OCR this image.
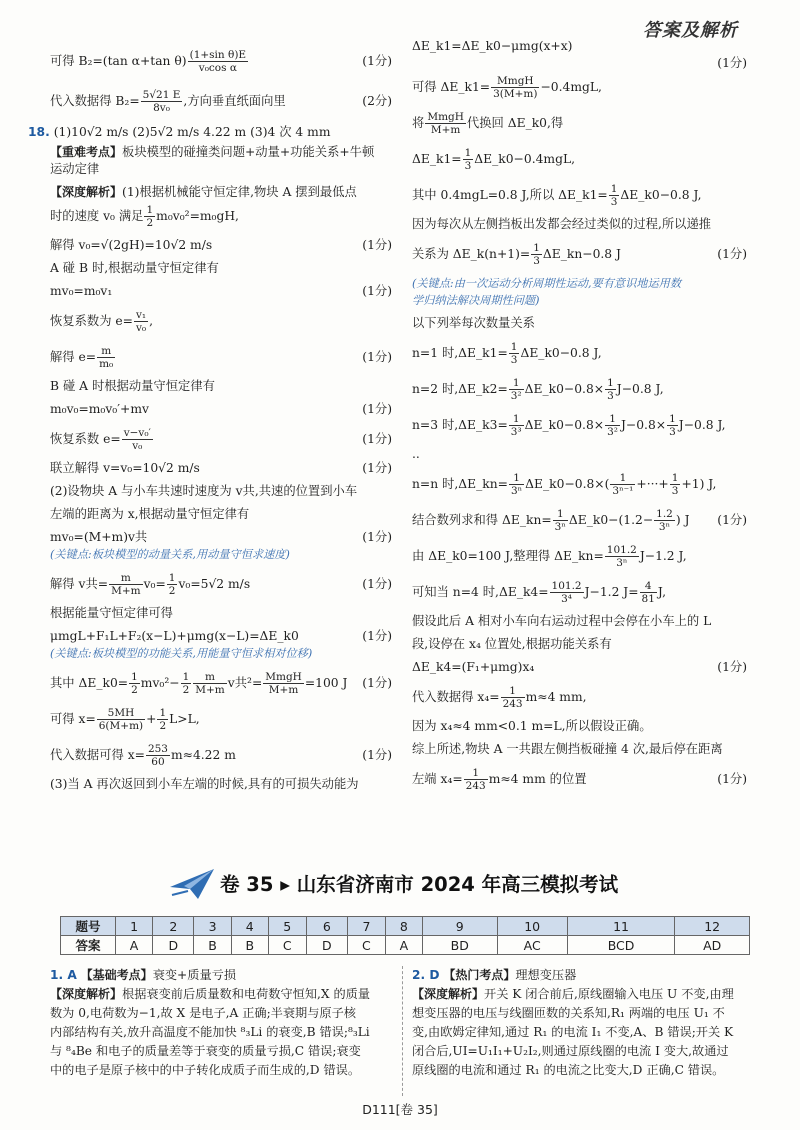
答案及解析
可得 B₂=(tan α+tan $\theta) \frac{\text{(1+sin θ)E}}{\text{v₀cos α}}$	(1分)
代入数据得 $B_2= \frac{5√21 E}{\text{8v₀}}$ ,方向垂直纸面向里	(2分)
18. (1)10√2 m/s (2)5√2 m/s 4.22 m (3)4 次 4 mm
【重难考点】板块模型的碰撞类问题+动量+功能关系+牛顿
运动定律
【深度解析】(1)根据机械能守恒定律,物块 A 摆到最低点
时的速度 v₀ 满足 $\frac{1}{2} m_0v_0^2=m_0gH$,
解得 v₀=√(2gH)=10√2 m/s	(1分)
A 碰 B 时,根据动量守恒定律有
mv₀=m₀v₁	(1分)
恢复系数为 $e= \frac{\text{v₁}}{\text{v₀}}$ ,
解得 $e= \frac{m}{\text{m₀}}$	(1分)
B 碰 A 时根据动量守恒定律有
m₀v₀=m₀v₀′+mv	(1分)
恢复系数 $e= \frac{\text{v−v₀′}}{\text{v₀}}$	(1分)
联立解得 v=v₀=10√2 m/s	(1分)
(2)设物块 A 与小车共速时速度为 v共,共速的位置到小车
左端的距离为 x,根据动量守恒定律有
mv₀=(M+m)v共	(1分)
(关键点:板块模型的动量关系,用动量守恒求速度)
解得 v共= $\frac{m}{M+m} v_0= \frac{1}{2} v_0=5√2$ m/s	(1分)
根据能量守恒定律可得
μmgL+F₁L+F₂(x−L)+μmg(x−L)=ΔE_k0	(1分)
(关键点:板块模型的功能关系,用能量守恒求相对位移)
其中 ΔE_k0= $\frac{1}{2} mv_0^2- \frac{1}{2} \frac{m}{M+m}$ v共$^2= \frac{\text{MmgH}}{M+m} =100$ J (1分)
可得 $x= \frac{5MH}{6(M+m)} + \frac{1}{2} L>L$,
代入数据可得 $x= \frac{253}{60} m\approx 4.22$ m	(1分)
(3)当 A 再次返回到小车左端的时候,具有的可损失动能为
ΔE_k1=ΔE_k0−μmg(x+x)
(1分)
可得 ΔE_k1= $\frac{\text{MmgH}}{3(M+m)} -0.4mgL$,
将 $\frac{\text{MmgH}}{M+m}$ 代换回 ΔE_k0,得
ΔE_k1= $\frac{1}{3}$ ΔE_k0−0.4mgL,
其中 0.4mgL=0.8 J,所以 ΔE_k1= $\frac{1}{3}$ ΔE_k0−0.8 J,
因为每次从左侧挡板出发都会经过类似的过程,所以递推
关系为 ΔE_k(n+1)= $\frac{1}{3}$ ΔE_kn−0.8 J	(1分)
(关键点:由一次运动分析周期性运动,要有意识地运用数
学归纳法解决周期性问题)
以下列举每次数量关系
n=1 时,ΔE_k1= $\frac{1}{3}$ ΔE_k0−0.8 J,
n=2 时,ΔE_k2= $\frac{1}{\text{3²}}$ ΔE_k0−0.8× $\frac{1}{3} J-0.8$ J,
n=3 时,ΔE_k3= $\frac{1}{\text{3³}}$ ΔE_k0−0.8× $\frac{1}{\text{3²}} J-0.8\times \frac{1}{3} J-0.8$ J,
..
n=n 时,ΔE_kn= $\frac{1}{\text{3ⁿ}}$ ΔE_k0−0.8×( $\frac{1}{\text{3ⁿ⁻¹}}$ +···+ $\frac{1}{3} +1$) J,
结合数列求和得 ΔE_kn= $\frac{1}{\text{3ⁿ}}$ ΔE_k0−(1.2− $\frac{1.2}{\text{3ⁿ}}$ ) J (1分)
由 ΔE_k0=100 J,整理得 ΔE_kn= $\frac{101.2}{\text{3ⁿ}} J-1.2$ J,
可知当 n=4 时,ΔE_k4= $\frac{101.2}{\text{3⁴}} J-1.2$ $J= \frac{4}{81} J$,
假设此后 A 相对小车向右运动过程中会停在小车上的 L
段,设停在 x₄ 位置处,根据功能关系有
ΔE_k4=(F₁+μmg)x₄	(1分)
代入数据得 $x_4= \frac{1}{243} m\approx 4$ mm,
因为 x₄≈4 mm<0.1 m=L,所以假设正确。
综上所述,物块 A 一共跟左侧挡板碰撞 4 次,最后停在距离
左端 $x_4= \frac{1}{243} m\approx 4$ mm 的位置	(1分)
卷 35 ▸ 山东省济南市 2024 年高三模拟考试
题号	1	2	3	4	5	6	7	8	9	10	11	12
答案	A	D	B	B	C	D	C	A	BD	AC	BCD	AD
1. A 【基础考点】衰变+质量亏损
【深度解析】根据衰变前后质量数和电荷数守恒知,X 的质量
数为 0,电荷数为−1,故 X 是电子,A 正确;半衰期与原子核
内部结构有关,放升高温度不能加快 ⁸₃Li 的衰变,B 错误;⁸₃Li
与 ⁸₄Be 和电子的质量差等于衰变的质量亏损,C 错误;衰变
中的电子是原子核中的中子转化成质子而生成的,D 错误。
2. D 【热门考点】理想变压器
【深度解析】开关 K 闭合前后,原线圈输入电压 U 不变,由理
想变压器的电压与线圈匝数的关系知,R₁ 两端的电压 U₁ 不
变,由欧姆定律知,通过 R₁ 的电流 I₁ 不变,A、B 错误;开关 K
闭合后,UI=U₁I₁+U₂I₂,则通过原线圈的电流 I 变大,故通过
原线圈的电流和通过 R₁ 的电流之比变大,D 正确,C 错误。
D111[卷 35]
